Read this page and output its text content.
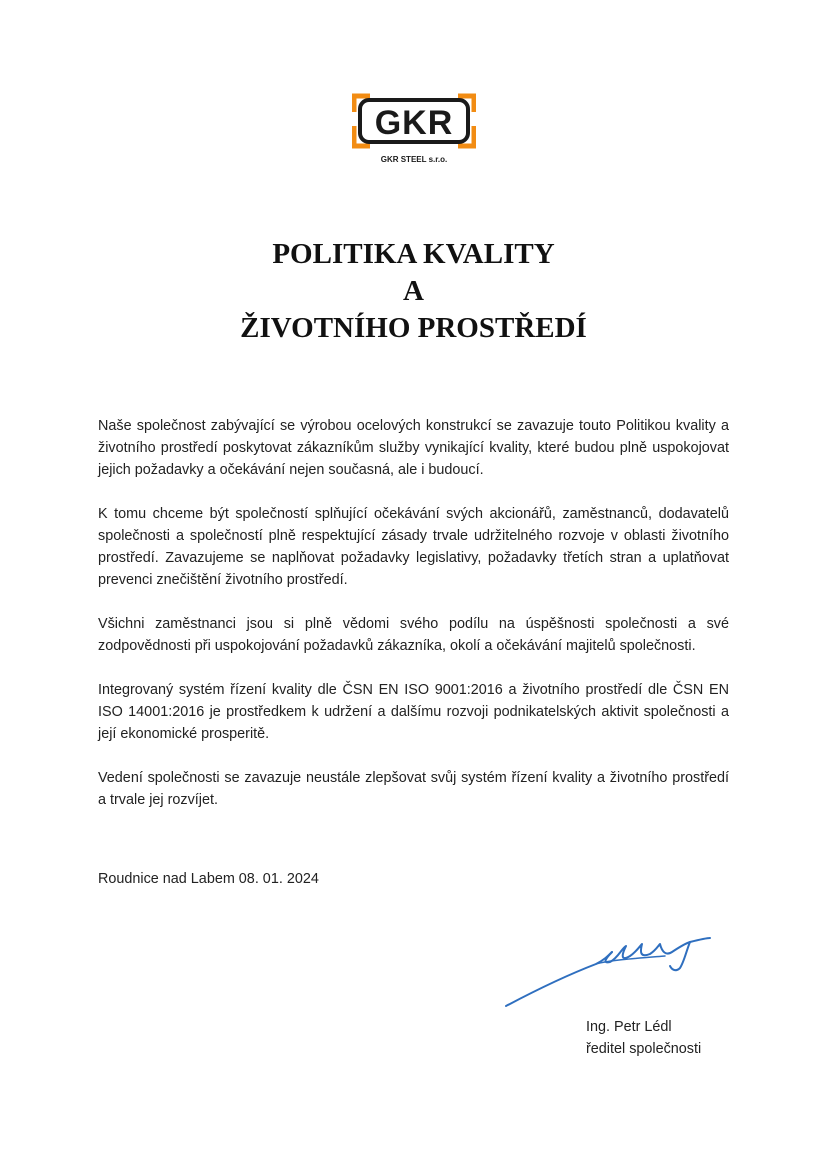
GKR
GKR STEEL s.r.o.
POLITIKA KVALITY
A
ŽIVOTNÍHO PROSTŘEDÍ

Naše společnost zabývající se výrobou ocelových konstrukcí se zavazuje touto Politikou kvality a životního prostředí poskytovat zákazníkům služby vynikající kvality, které budou plně uspokojovat jejich požadavky a očekávání nejen současná, ale i budoucí.

K tomu chceme být společností splňující očekávání svých akcionářů, zaměstnanců, dodavatelů společnosti a společností plně respektující zásady trvale udržitelného rozvoje v oblasti životního prostředí. Zavazujeme se naplňovat požadavky legislativy, požadavky třetích stran a uplatňovat prevenci znečištění životního prostředí.

Všichni zaměstnanci jsou si plně vědomi svého podílu na úspěšnosti společnosti a své zodpovědnosti při uspokojování požadavků zákazníka, okolí a očekávání majitelů společnosti.

Integrovaný systém řízení kvality dle ČSN EN ISO 9001:2016 a životního prostředí dle ČSN EN ISO 14001:2016 je prostředkem k udržení a dalšímu rozvoji podnikatelských aktivit společnosti a její ekonomické prosperitě.

Vedení společnosti se zavazuje neustále zlepšovat svůj systém řízení kvality a životního prostředí a trvale jej rozvíjet.

Roudnice nad Labem 08. 01. 2024
Ing. Petr Lédl
ředitel společnosti
